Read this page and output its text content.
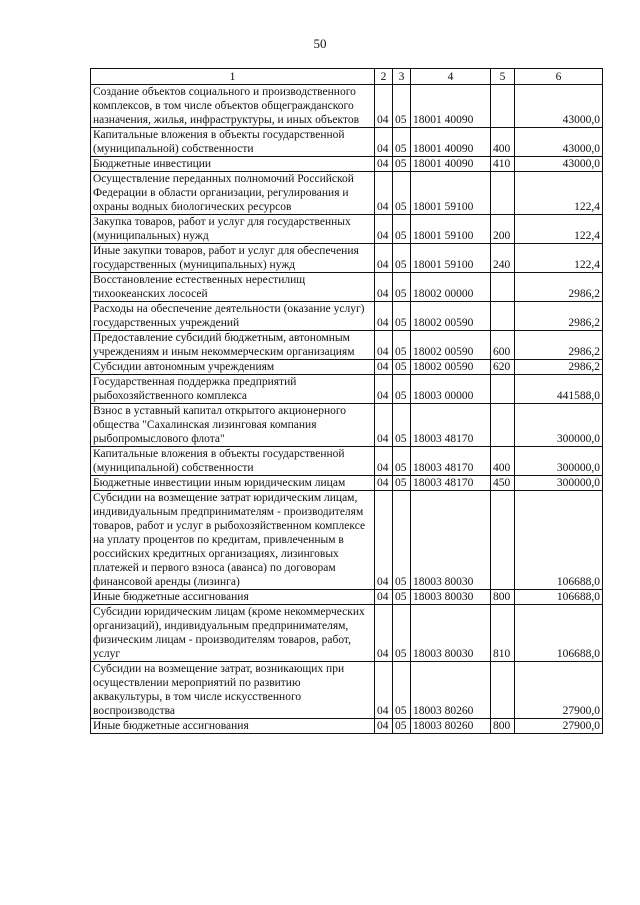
50
1	2	3	4	5	6
Создание объектов социального и производственного комплексов, в том числе объектов общегражданского назначения, жилья, инфраструктуры, и иных объектов	04	05	18001 40090		43000,0
Капитальные вложения в объекты государственной (муниципальной) собственности	04	05	18001 40090	400	43000,0
Бюджетные инвестиции	04	05	18001 40090	410	43000,0
Осуществление переданных полномочий Российской Федерации в области организации, регулирования и охраны водных биологических ресурсов	04	05	18001 59100		122,4
Закупка товаров, работ и услуг для государственных (муниципальных) нужд	04	05	18001 59100	200	122,4
Иные закупки товаров, работ и услуг для обеспечения государственных (муниципальных) нужд	04	05	18001 59100	240	122,4
Восстановление естественных нерестилищ тихоокеанских лососей	04	05	18002 00000		2986,2
Расходы на обеспечение деятельности (оказание услуг) государственных учреждений	04	05	18002 00590		2986,2
Предоставление субсидий бюджетным, автономным учреждениям и иным некоммерческим организациям	04	05	18002 00590	600	2986,2
Субсидии автономным учреждениям	04	05	18002 00590	620	2986,2
Государственная поддержка предприятий рыбохозяйственного комплекса	04	05	18003 00000		441588,0
Взнос в уставный капитал открытого акционерного общества "Сахалинская лизинговая компания рыбопромыслового флота"	04	05	18003 48170		300000,0
Капитальные вложения в объекты государственной (муниципальной) собственности	04	05	18003 48170	400	300000,0
Бюджетные инвестиции иным юридическим лицам	04	05	18003 48170	450	300000,0
Субсидии на возмещение затрат юридическим лицам, индивидуальным предпринимателям - производителям товаров, работ и услуг в рыбохозяйственном комплексе на уплату процентов по кредитам, привлеченным в российских кредитных организациях, лизинговых платежей и первого взноса (аванса) по договорам финансовой аренды (лизинга)	04	05	18003 80030		106688,0
Иные бюджетные ассигнования	04	05	18003 80030	800	106688,0
Субсидии юридическим лицам (кроме некоммерческих организаций), индивидуальным предпринимателям, физическим лицам - производителям товаров, работ, услуг	04	05	18003 80030	810	106688,0
Субсидии на возмещение затрат, возникающих при осуществлении мероприятий по развитию аквакультуры, в том числе искусственного воспроизводства	04	05	18003 80260		27900,0
Иные бюджетные ассигнования	04	05	18003 80260	800	27900,0
